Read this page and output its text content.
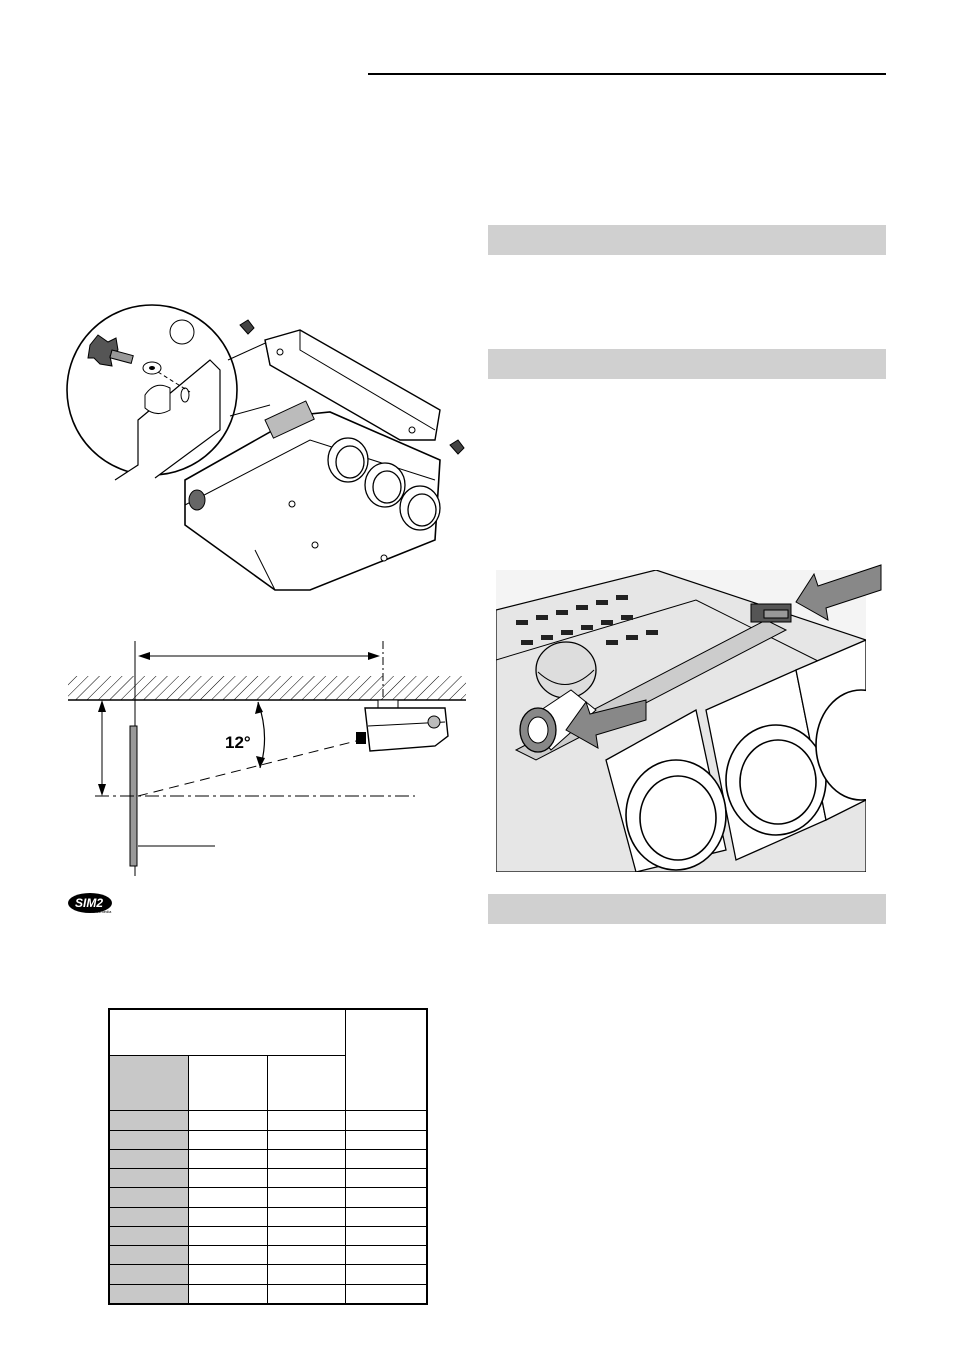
12°
SIM2
Multimedia
